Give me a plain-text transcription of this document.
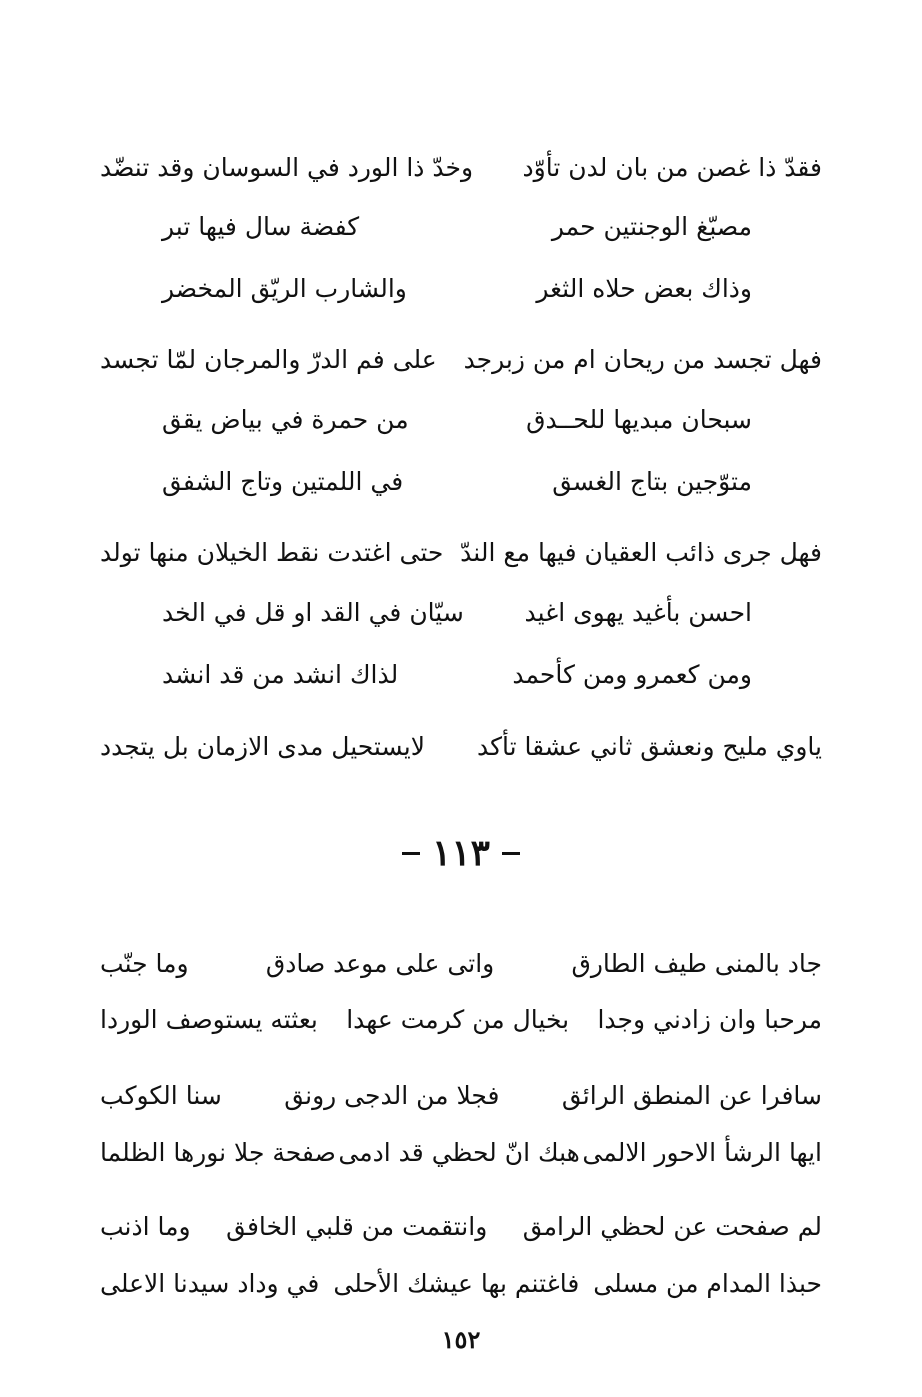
فقدّ ذا غصن من بان لدن تأوّد
وخدّ ذا الورد في السوسان وقد تنضّد
مصبّغ الوجنتين حمر
كفضة سال فيها تبر
وذاك بعض حلاه الثغر
والشارب الريّق المخضر
فهل تجسد من ريحان ام من زبرجد
على فم الدرّ والمرجان لمّا تجسد
سبحان مبديها للحــدق
من حمرة في بياض يقق
متوّجين بتاج الغسق
في اللمتين وتاج الشفق
فهل جرى ذائب العقيان فيها مع الندّ
حتى اغتدت نقط الخيلان منها تولد
احسن بأغيد يهوى اغيد
سيّان في القد او قل في الخد
ومن كعمرو ومن كأحمد
لذاك انشد من قد انشد
ياوي مليح ونعشق ثاني عشقا تأكد
لايستحيل مدى الازمان بل يتجدد
١١٣
جاد بالمنى طيف الطارق
واتى على موعد صادق
وما جنّب
مرحبا وان زادني وجدا
بخيال من كرمت عهدا
بعثته يستوصف الوردا
سافرا عن المنطق الرائق
فجلا من الدجى رونق
سنا الكوكب
ايها الرشأ الاحور الالمى
هبك انّ لحظي قد ادمى
صفحة جلا نورها الظلما
لم صفحت عن لحظي الرامق
وانتقمت من قلبي الخافق
وما اذنب
حبذا المدام من مسلى
فاغتنم بها عيشك الأحلى
في وداد سيدنا الاعلى
١٥٢
